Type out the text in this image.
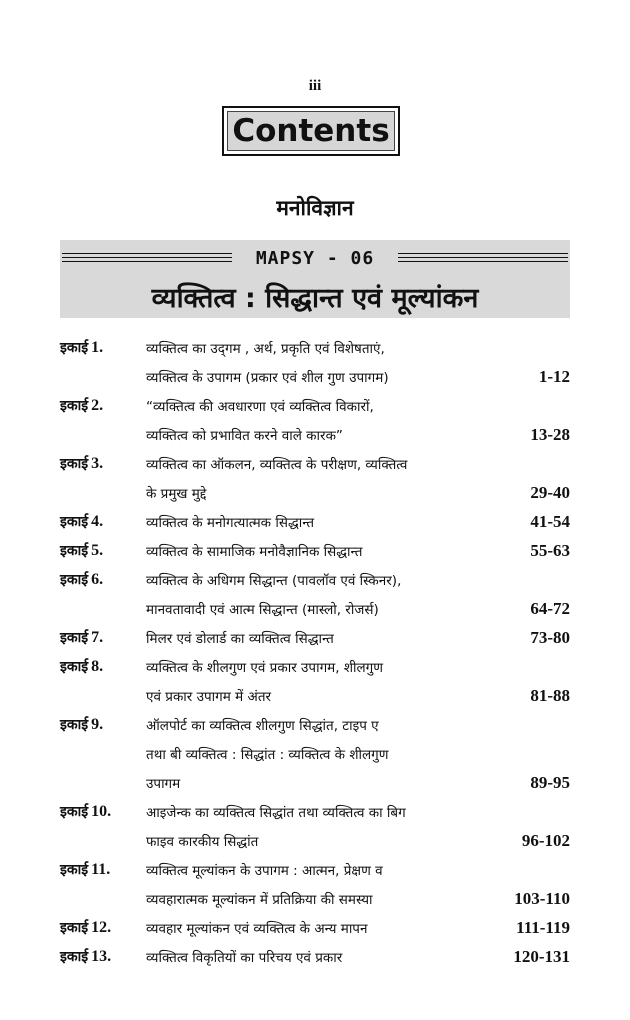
iii
Contents
मनोविज्ञान
MAPSY - 06
व्यक्तित्व : सिद्धान्त एवं मूल्यांकन
इकाई 1.	व्यक्तित्व का उद्‌गम , अर्थ, प्रकृति एवं विशेषताएं,
व्यक्तित्व के उपागम (प्रकार एवं शील गुण उपागम)	1-12
इकाई 2.	“व्यक्तित्व की अवधारणा एवं व्यक्तित्व विकारों,
व्यक्तित्व को प्रभावित करने वाले कारक”	13-28
इकाई 3.	व्यक्तित्व का ऑकलन, व्यक्तित्व के परीक्षण, व्यक्तित्व
के प्रमुख मुद्दे	29-40
इकाई 4.	व्यक्तित्व के मनोगत्यात्मक सिद्धान्त	41-54
इकाई 5.	व्यक्तित्व के सामाजिक मनोवैज्ञानिक सिद्धान्त	55-63
इकाई 6.	व्यक्तित्व के अधिगम सिद्धान्त (पावलॉव एवं स्किनर),
मानवतावादी एवं आत्म सिद्धान्त (मास्लो, रोजर्स)	64-72
इकाई 7.	मिलर एवं डोलार्ड का व्यक्तित्व सिद्धान्त	73-80
इकाई 8.	व्यक्तित्व के शीलगुण एवं प्रकार उपागम, शीलगुण
एवं प्रकार उपागम में अंतर	81-88
इकाई 9.	ऑलपोर्ट का व्यक्तित्व शीलगुण सिद्धांत, टाइप ए
तथा बी व्यक्तित्व : सिद्धांत : व्यक्तित्व के शीलगुण
उपागम	89-95
इकाई 10.	आइजेन्क का व्यक्तित्व सिद्धांत तथा व्यक्तित्व का बिग
फाइव कारकीय सिद्धांत	96-102
इकाई 11.	व्यक्तित्व मूल्यांकन के उपागम : आत्मन, प्रेक्षण व
व्यवहारात्मक मूल्यांकन में प्रतिक्रिया की समस्या	103-110
इकाई 12.	व्यवहार मूल्यांकन एवं व्यक्तित्व के अन्य मापन	111-119
इकाई 13.	व्यक्तित्व विकृतियों का परिचय एवं प्रकार	120-131
